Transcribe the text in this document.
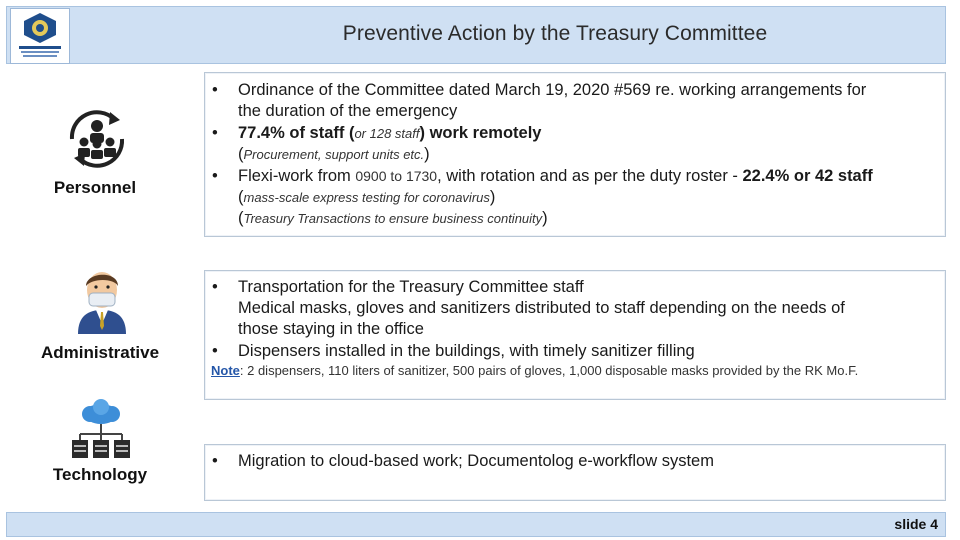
Preventive Action by the Treasury Committee
Personnel
• Ordinance of the Committee dated March 19, 2020 #569 re. working arrangements for
the duration of the emergency
• 77.4% of staff (or 128 staff) work remotely
(Procurement, support units etc.)
• Flexi-work from 0900 to 1730, with rotation and as per the duty roster - 22.4% or 42 staff
(mass-scale express testing for coronavirus)
(Treasury Transactions to ensure business continuity)
Administrative
• Transportation for the Treasury Committee staff
Medical masks, gloves and sanitizers distributed to staff depending on the needs of
those staying in the office
• Dispensers installed in the buildings, with timely sanitizer filling
Note: 2 dispensers, 110 liters of sanitizer, 500 pairs of gloves, 1,000 disposable masks provided by the RK Mo.F.
Technology
• Migration to cloud-based work; Documentolog e-workflow system
slide 4
